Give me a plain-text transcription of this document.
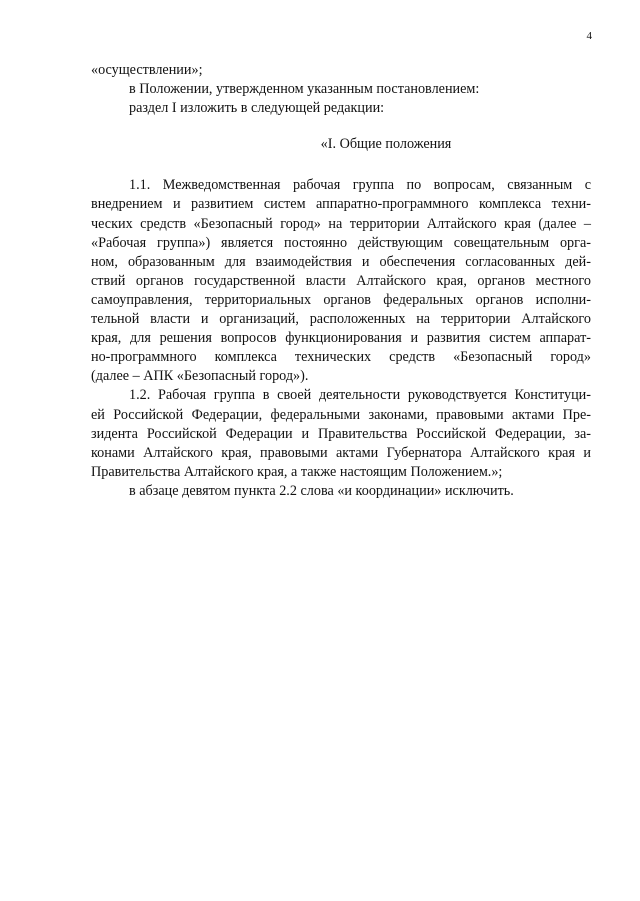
4
«осуществлении»;
в Положении, утвержденном указанным постановлением:
раздел I изложить в следующей редакции:
«I. Общие положения
1.1. Межведомственная рабочая группа по вопросам, связанным с
внедрением и развитием систем аппаратно-программного комплекса техни-
ческих средств «Безопасный город» на территории Алтайского края (далее –
«Рабочая группа») является постоянно действующим совещательным орга-
ном, образованным для взаимодействия и обеспечения согласованных дей-
ствий органов государственной власти Алтайского края, органов местного
самоуправления, территориальных органов федеральных органов исполни-
тельной власти и организаций, расположенных на территории Алтайского
края, для решения вопросов функционирования и развития систем аппарат-
но-программного комплекса технических средств «Безопасный город»
(далее – АПК «Безопасный город»).
1.2. Рабочая группа в своей деятельности руководствуется Конституци-
ей Российской Федерации, федеральными законами, правовыми актами Пре-
зидента Российской Федерации и Правительства Российской Федерации, за-
конами Алтайского края, правовыми актами Губернатора Алтайского края и
Правительства Алтайского края, а также настоящим Положением.»;
в абзаце девятом пункта 2.2 слова «и координации» исключить.
